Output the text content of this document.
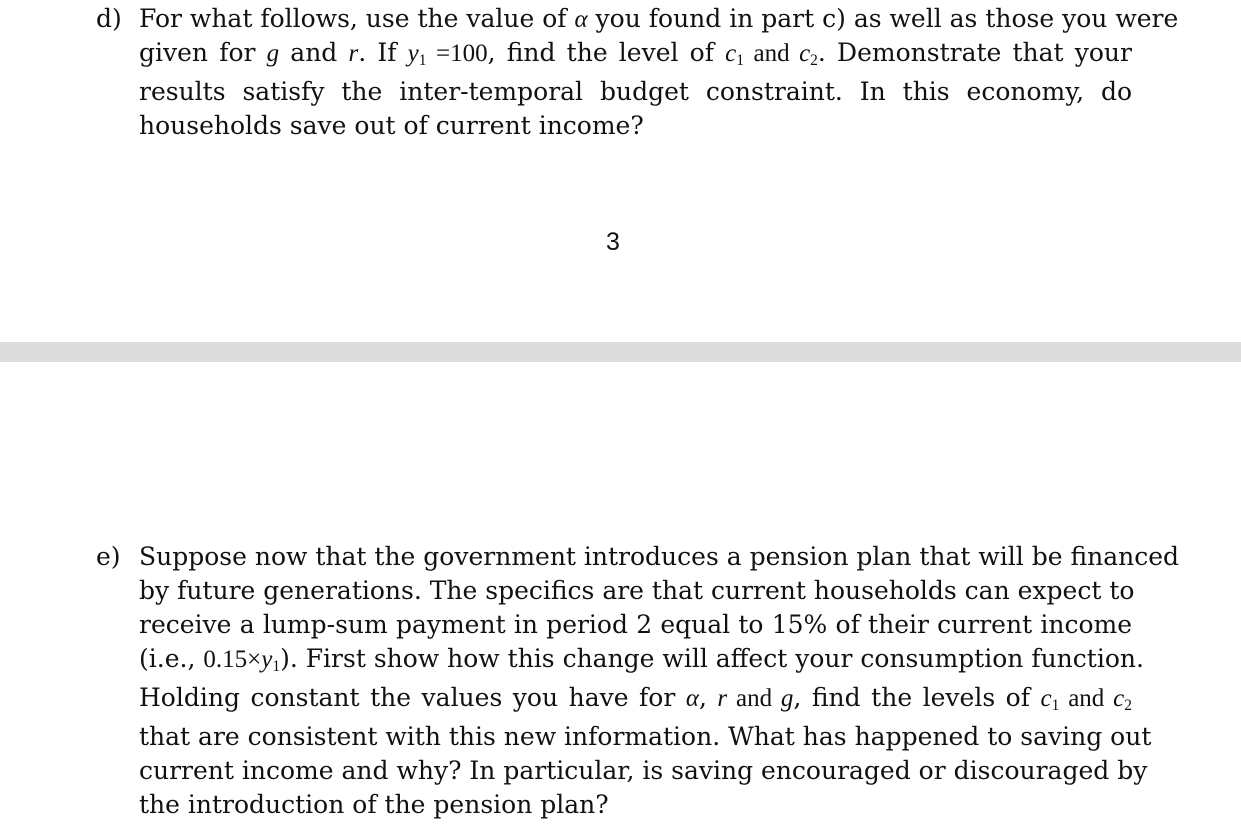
d) For what follows, use the value of α you found in part c) as well as those you were
given for g and r. If $y_1 =100$, find the level of $c_1$ and $c_2$. Demonstrate that your
results satisfy the inter-temporal budget constraint. In this economy, do
households save out of current income?
3
e) Suppose now that the government introduces a pension plan that will be financed
by future generations. The specifics are that current households can expect to
receive a lump-sum payment in period 2 equal to 15% of their current income
(i.e., $0.15\times y_1$). First show how this change will affect your consumption function.
Holding constant the values you have for α, r and g, find the levels of $c_1$ and $c_2$
that are consistent with this new information. What has happened to saving out
current income and why? In particular, is saving encouraged or discouraged by
the introduction of the pension plan?
